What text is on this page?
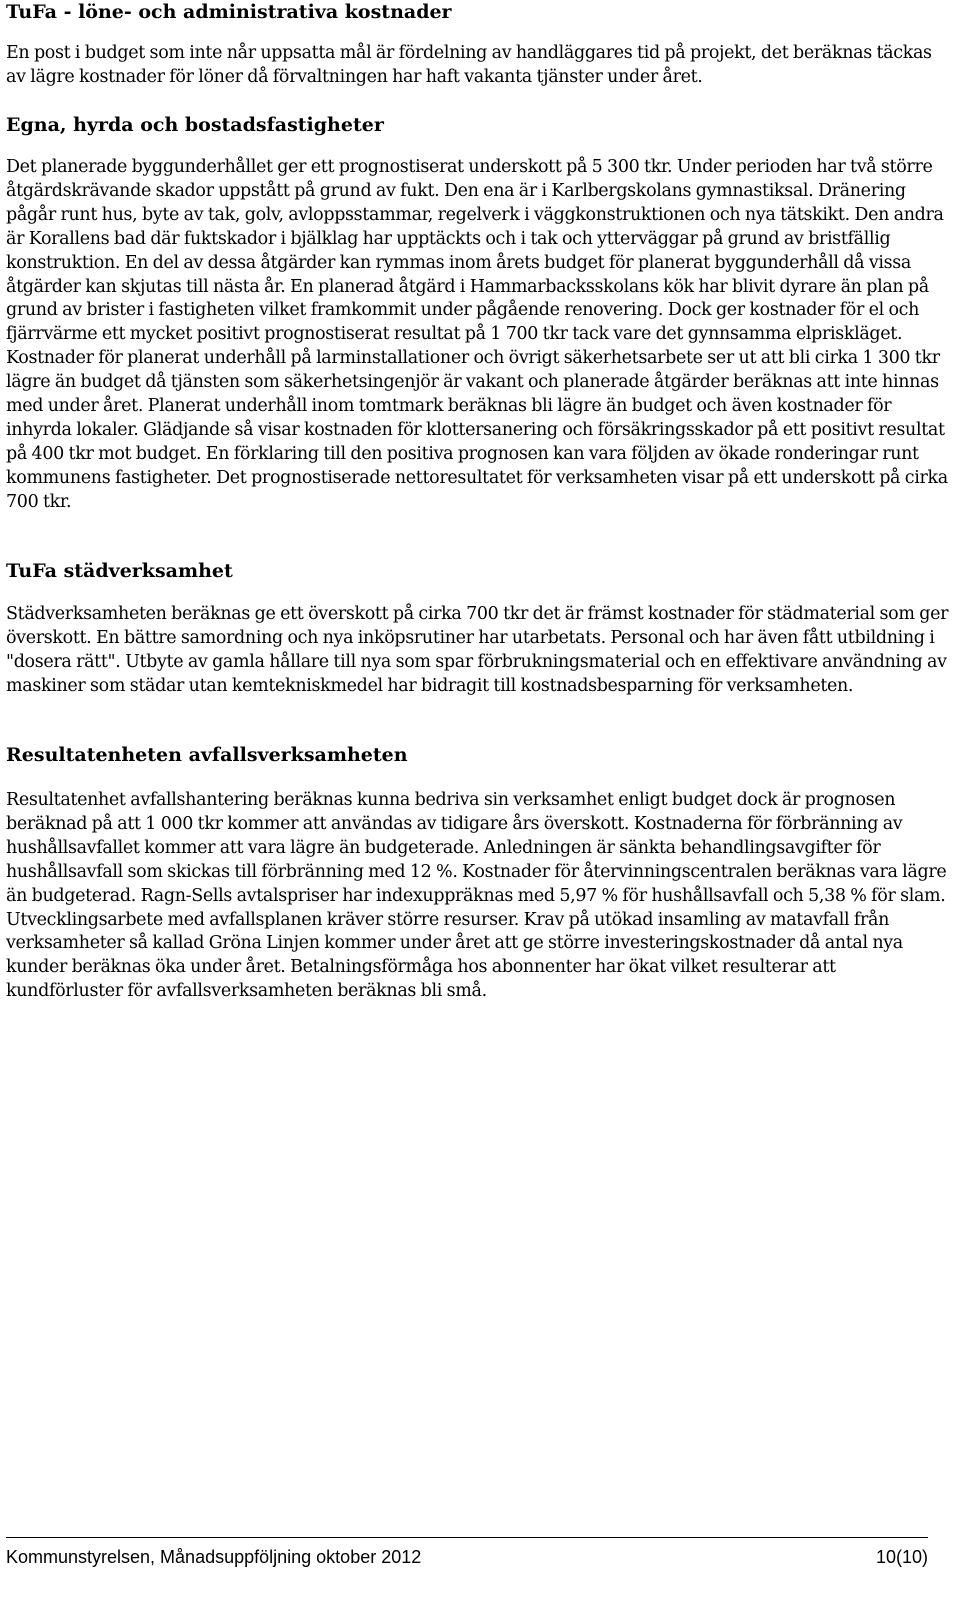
TuFa - löne- och administrativa kostnader

En post i budget som inte når uppsatta mål är fördelning av handläggares tid på projekt, det beräknas täckas av lägre kostnader för löner då förvaltningen har haft vakanta tjänster under året.

Egna, hyrda och bostadsfastigheter

Det planerade byggunderhållet ger ett prognostiserat underskott på 5 300 tkr. Under perioden har två större åtgärdskrävande skador uppstått på grund av fukt. Den ena är i Karlbergskolans gymnastiksal. Dränering pågår runt hus, byte av tak, golv, avloppsstammar, regelverk i väggkonstruktionen och nya tätskikt. Den andra är Korallens bad där fuktskador i bjälklag har upptäckts och i tak och ytterväggar på grund av bristfällig konstruktion. En del av dessa åtgärder kan rymmas inom årets budget för planerat byggunderhåll då vissa åtgärder kan skjutas till nästa år. En planerad åtgärd i Hammarbacksskolans kök har blivit dyrare än plan på grund av brister i fastigheten vilket framkommit under pågående renovering. Dock ger kostnader för el och fjärrvärme ett mycket positivt prognostiserat resultat på 1 700 tkr tack vare det gynnsamma elpriskläget. Kostnader för planerat underhåll på larminstallationer och övrigt säkerhetsarbete ser ut att bli cirka 1 300 tkr lägre än budget då tjänsten som säkerhetsingenjör är vakant och planerade åtgärder beräknas att inte hinnas med under året. Planerat underhåll inom tomtmark beräknas bli lägre än budget och även kostnader för inhyrda lokaler. Glädjande så visar kostnaden för klottersanering och försäkringsskador på ett positivt resultat på 400 tkr mot budget. En förklaring till den positiva prognosen kan vara följden av ökade ronderingar runt kommunens fastigheter. Det prognostiserade nettoresultatet för verksamheten visar på ett underskott på cirka 700 tkr.

TuFa städverksamhet

Städverksamheten beräknas ge ett överskott på cirka 700 tkr det är främst kostnader för städmaterial som ger överskott. En bättre samordning och nya inköpsrutiner har utarbetats. Personal och har även fått utbildning i "dosera rätt". Utbyte av gamla hållare till nya som spar förbrukningsmaterial och en effektivare användning av maskiner som städar utan kemtekniskmedel har bidragit till kostnadsbesparning för verksamheten.

Resultatenheten avfallsverksamheten

Resultatenhet avfallshantering beräknas kunna bedriva sin verksamhet enligt budget dock är prognosen beräknad på att 1 000 tkr kommer att användas av tidigare års överskott. Kostnaderna för förbränning av hushållsavfallet kommer att vara lägre än budgeterade. Anledningen är sänkta behandlingsavgifter för hushållsavfall som skickas till förbränning med 12 %. Kostnader för återvinningscentralen beräknas vara lägre än budgeterad. Ragn-Sells avtalspriser har indexuppräknas med 5,97 % för hushållsavfall och 5,38 % för slam. Utvecklingsarbete med avfallsplanen kräver större resurser. Krav på utökad insamling av matavfall från verksamheter så kallad Gröna Linjen kommer under året att ge större investeringskostnader då antal nya kunder beräknas öka under året. Betalningsförmåga hos abonnenter har ökat vilket resulterar att kundförluster för avfallsverksamheten beräknas bli små.

Kommunstyrelsen, Månadsuppföljning oktober 2012	10(10)
